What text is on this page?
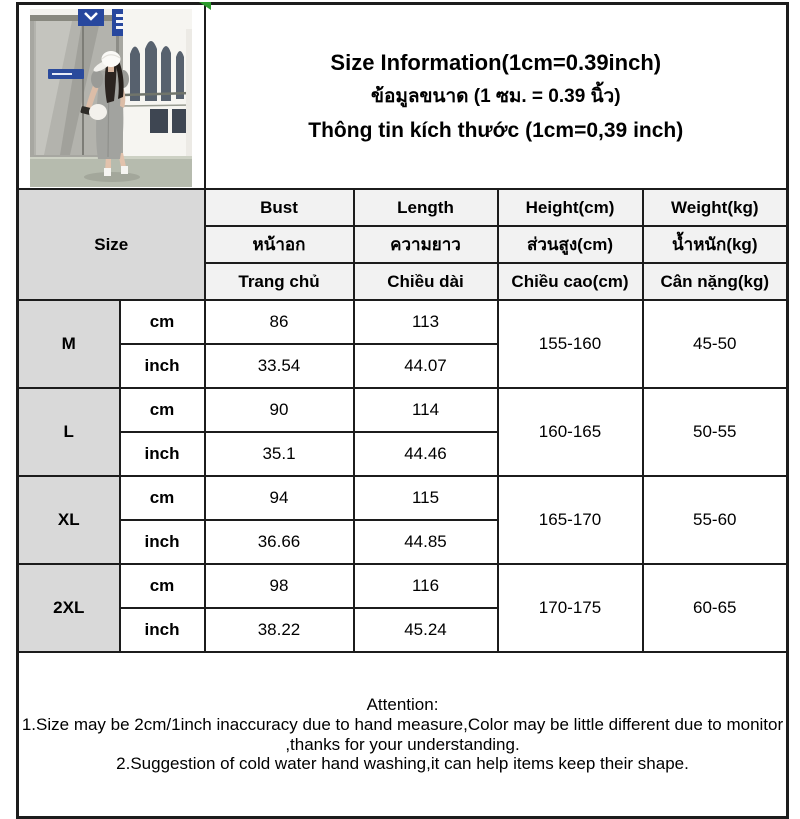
Size Information(1cm=0.39inch)
ข้อมูลขนาด (1 ซม. = 0.39 นิ้ว)
Thông tin kích thước (1cm=0,39 inch)			

Size		Bust	Length	Height(cm)	Weight(kg)
		หน้าอก	ความยาว	ส่วนสูง(cm)	น้ำหนัก(kg)
		Trang chủ	Chiều dài	Chiều cao(cm)	Cân nặng(kg)
M	cm	86	113	155-160	45-50
	inch	33.54	44.07		
L	cm	90	114	160-165	50-55
	inch	35.1	44.46		
XL	cm	94	115	165-170	55-60
	inch	36.66	44.85		
2XL	cm	98	116	170-175	60-65
	inch	38.22	45.24		

Attention:
1.Size may be 2cm/1inch inaccuracy due to hand measure,Color may be little different due to monitor ,thanks for your understanding.
2.Suggestion of cold water hand washing,it can help items keep their shape.					
